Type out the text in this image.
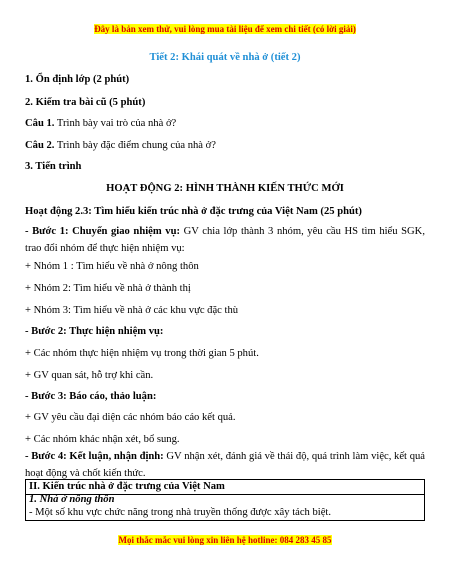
Đây là bản xem thử, vui lòng mua tài liệu để xem chi tiết (có lời giải)
Tiết 2: Khái quát về nhà ở (tiết 2)
1. Ổn định lớp (2 phút)
2. Kiểm tra bài cũ (5 phút)
Câu 1. Trình bày vai trò của nhà ở?
Câu 2. Trình bày đặc điểm chung của nhà ở?
3. Tiến trình
HOẠT ĐỘNG 2: HÌNH THÀNH KIẾN THỨC MỚI
Hoạt động 2.3: Tìm hiểu kiến trúc nhà ở đặc trưng của Việt Nam (25 phút)
- Bước 1: Chuyển giao nhiệm vụ: GV chia lớp thành 3 nhóm, yêu cầu HS tìm hiểu SGK, trao đổi nhóm để thực hiện nhiệm vụ:
+ Nhóm 1 : Tìm hiểu về nhà ở nông thôn
+ Nhóm 2: Tìm hiểu về nhà ở thành thị
+ Nhóm 3: Tìm hiểu về nhà ở các khu vực đặc thù
- Bước 2: Thực hiện nhiệm vụ:
+ Các nhóm thực hiện nhiệm vụ trong thời gian 5 phút.
+ GV quan sát, hỗ trợ khi cần.
- Bước 3: Báo cáo, thảo luận:
+ GV yêu cầu đại diện các nhóm báo cáo kết quả.
+ Các nhóm khác nhận xét, bổ sung.
- Bước 4: Kết luận, nhận định: GV nhận xét, đánh giá về thái độ, quá trình làm việc, kết quả hoạt động và chốt kiến thức.
II. Kiến trúc nhà ở đặc trưng của Việt Nam
1. Nhà ở nông thôn
- Một số khu vực chức năng trong nhà truyền thống được xây tách biệt.
Mọi thắc mắc vui lòng xin liên hệ hotline: 084 283 45 85
